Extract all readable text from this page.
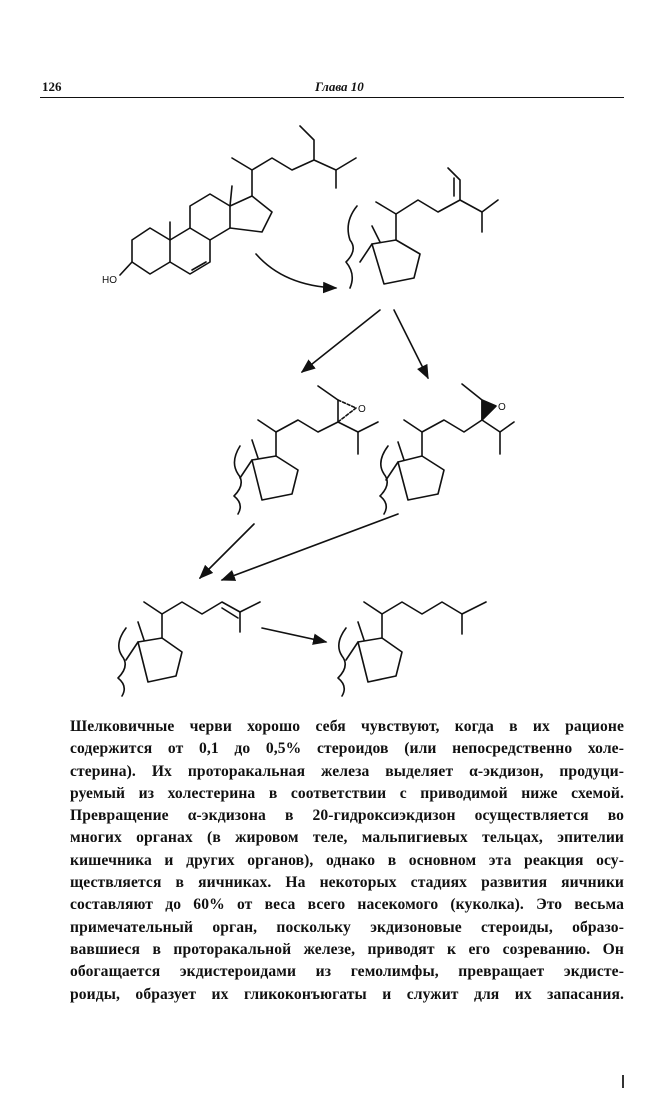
126	Глава 10
HO
O	O
Шелковичные черви хорошо себя чувствуют, когда в их рационе
содержится от 0,1 до 0,5% стероидов (или непосредственно холе-
стерина). Их проторакальная железа выделяет α-экдизон, продуци-
руемый из холестерина в соответствии с приводимой ниже схемой.
Превращение α-экдизона в 20-гидроксиэкдизон осуществляется во
многих органах (в жировом теле, мальпигиевых тельцах, эпителии
кишечника и других органов), однако в основном эта реакция осу-
ществляется в яичниках. На некоторых стадиях развития яичники
составляют до 60% от веса всего насекомого (куколка). Это весьма
примечательный орган, поскольку экдизоновые стероиды, образо-
вавшиеся в проторакальной железе, приводят к его созреванию. Он
обогащается экдистероидами из гемолимфы, превращает экдисте-
роиды, образует их гликоконъюгаты и служит для их запасания.
